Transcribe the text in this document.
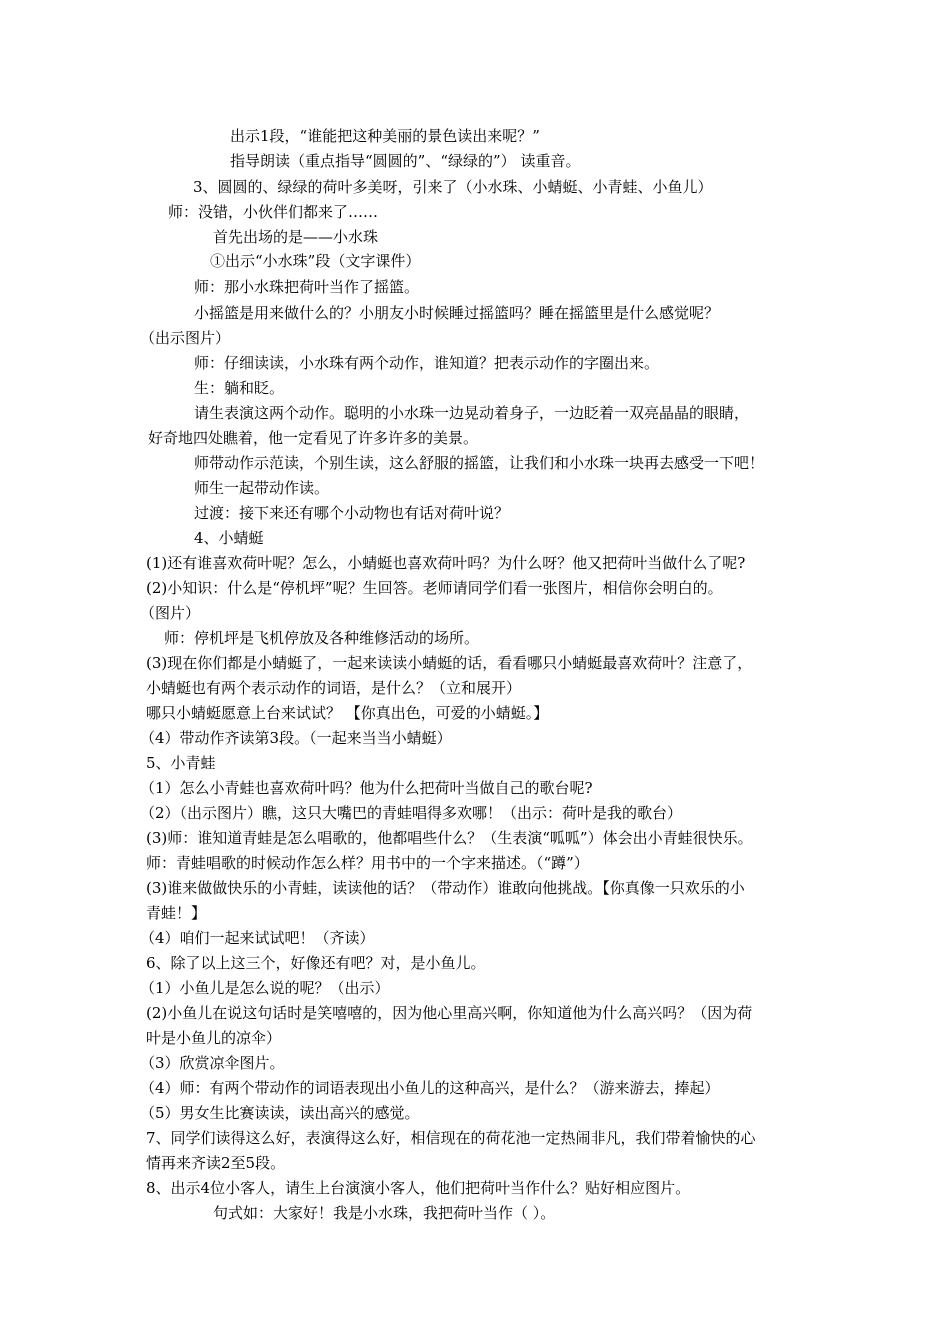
出示1段，“谁能把这种美丽的景色读出来呢？”
指导朗读（重点指导“圆圆的”、“绿绿的”） 读重音。
3、圆圆的、绿绿的荷叶多美呀，引来了（小水珠、小蜻蜓、小青蛙、小鱼儿）
师：没错，小伙伴们都来了……
首先出场的是——小水珠
①出示“小水珠”段（文字课件）
师：那小水珠把荷叶当作了摇篮。
小摇篮是用来做什么的？小朋友小时候睡过摇篮吗？睡在摇篮里是什么感觉呢？
（出示图片）
师：仔细读读，小水珠有两个动作，谁知道？把表示动作的字圈出来。
生：躺和眨。
请生表演这两个动作。聪明的小水珠一边晃动着身子，一边眨着一双亮晶晶的眼睛，
好奇地四处瞧着，他一定看见了许多许多的美景。
师带动作示范读，个别生读，这么舒服的摇篮，让我们和小水珠一块再去感受一下吧！
师生一起带动作读。
过渡：接下来还有哪个小动物也有话对荷叶说？
4、小蜻蜓
(1)还有谁喜欢荷叶呢？怎么，小蜻蜓也喜欢荷叶吗？为什么呀？他又把荷叶当做什么了呢?
(2)小知识：什么是“停机坪”呢？生回答。老师请同学们看一张图片，相信你会明白的。
（图片）
师：停机坪是飞机停放及各种维修活动的场所。
(3)现在你们都是小蜻蜓了，一起来读读小蜻蜓的话，看看哪只小蜻蜓最喜欢荷叶？注意了，
小蜻蜓也有两个表示动作的词语，是什么？（立和展开）
哪只小蜻蜓愿意上台来试试？ 【你真出色，可爱的小蜻蜓。】
（4）带动作齐读第3段。（一起来当当小蜻蜓）
5、小青蛙
（1）怎么小青蛙也喜欢荷叶吗？他为什么把荷叶当做自己的歌台呢?
（2）（出示图片）瞧，这只大嘴巴的青蛙唱得多欢哪！（出示：荷叶是我的歌台）
(3)师：谁知道青蛙是怎么唱歌的，他都唱些什么？（生表演“呱呱”）体会出小青蛙很快乐。
师：青蛙唱歌的时候动作怎么样？用书中的一个字来描述。（“蹲”）
(3)谁来做做快乐的小青蛙，读读他的话？（带动作）谁敢向他挑战。【你真像一只欢乐的小
青蛙！】
（4）咱们一起来试试吧！（齐读）
6、除了以上这三个，好像还有吧？对，是小鱼儿。
（1）小鱼儿是怎么说的呢？（出示）
(2)小鱼儿在说这句话时是笑嘻嘻的，因为他心里高兴啊，你知道他为什么高兴吗？（因为荷
叶是小鱼儿的凉伞）
（3）欣赏凉伞图片。
（4）师：有两个带动作的词语表现出小鱼儿的这种高兴，是什么？（游来游去，捧起）
（5）男女生比赛读读，读出高兴的感觉。
7、同学们读得这么好，表演得这么好，相信现在的荷花池一定热闹非凡，我们带着愉快的心
情再来齐读2至5段。
8、出示4位小客人，请生上台演演小客人，他们把荷叶当作什么？贴好相应图片。
句式如：大家好！我是小水珠，我把荷叶当作（ ）。
